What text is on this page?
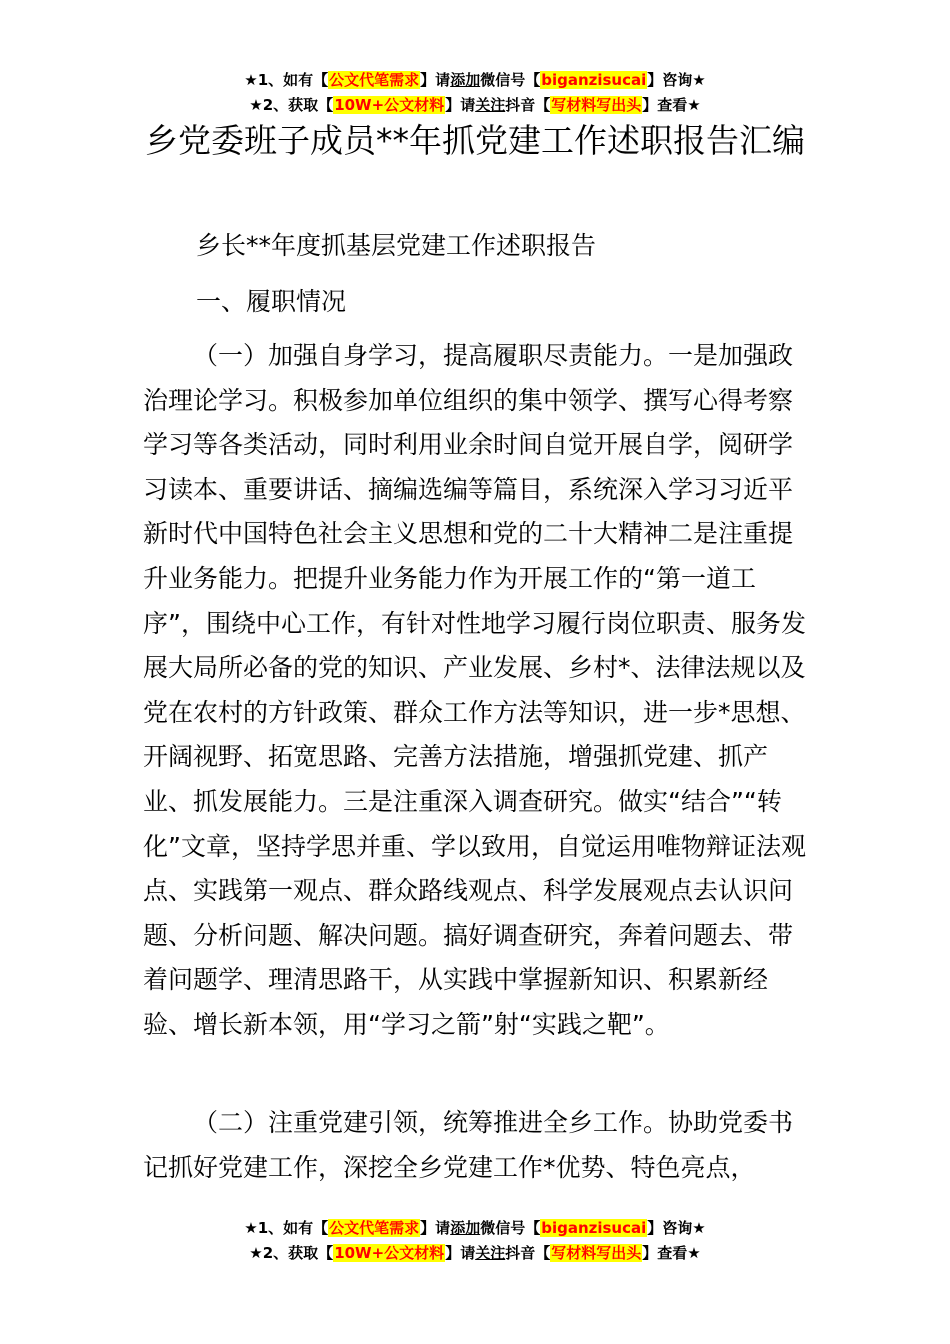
★1、如有【公文代笔需求】请添加微信号【biganzisucai】咨询★
★2、获取【10W+公文材料】请关注抖音【写材料写出头】查看★
乡党委班子成员**年抓党建工作述职报告汇编

乡长**年度抓基层党建工作述职报告

一、履职情况

（一）加强自身学习，提高履职尽责能力。一是加强政治理论学习。积极参加单位组织的集中领学、撰写心得考察学习等各类活动，同时利用业余时间自觉开展自学，阅研学习读本、重要讲话、摘编选编等篇目，系统深入学习习近平新时代中国特色社会主义思想和党的二十大精神二是注重提升业务能力。把提升业务能力作为开展工作的“第一道工序”，围绕中心工作，有针对性地学习履行岗位职责、服务发展大局所必备的党的知识、产业发展、乡村*、法律法规以及党在农村的方针政策、群众工作方法等知识，进一步*思想、开阔视野、拓宽思路、完善方法措施，增强抓党建、抓产业、抓发展能力。三是注重深入调查研究。做实“结合”“转化”文章，坚持学思并重、学以致用，自觉运用唯物辩证法观点、实践第一观点、群众路线观点、科学发展观点去认识问题、分析问题、解决问题。搞好调查研究，奔着问题去、带着问题学、理清思路干，从实践中掌握新知识、积累新经验、增长新本领，用“学习之箭”射“实践之靶”。

（二）注重党建引领，统筹推进全乡工作。协助党委书记抓好党建工作，深挖全乡党建工作*优势、特色亮点，

★1、如有【公文代笔需求】请添加微信号【biganzisucai】咨询★
★2、获取【10W+公文材料】请关注抖音【写材料写出头】查看★
